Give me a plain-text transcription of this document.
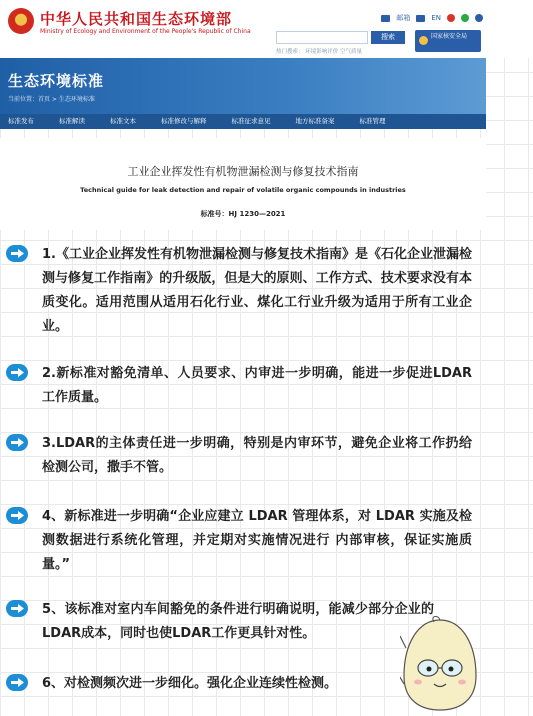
中华人民共和国生态环境部
Ministry of Ecology and Environment of the People's Republic of China
邮箱	EN
搜索
热门搜索： 环境影响评价 空气质量
国家核安全局
生态环境标准
当前位置：首页 > 生态环境标准
标准发布	标准解读	标准文本	标准修改与解释	标准征求意见	地方标准备案	标准管理
工业企业挥发性有机物泄漏检测与修复技术指南
Technical guide for leak detection and repair of volatile organic compounds in industries
标准号：HJ 1230—2021
1.《工业企业挥发性有机物泄漏检测与修复技术指南》是《石化企业泄漏检测与修复工作指南》的升级版，但是大的原则、工作方式、技术要求没有本质变化。适用范围从适用石化行业、煤化工行业升级为适用于所有工业企业。
2.新标准对豁免清单、人员要求、内审进一步明确，能进一步促进LDAR工作质量。
3.LDAR的主体责任进一步明确，特别是内审环节，避免企业将工作扔给检测公司，撒手不管。
4、新标准进一步明确“企业应建立 LDAR 管理体系，对 LDAR 实施及检测数据进行系统化管理，并定期对实施情况进行 内部审核，保证实施质量。”
5、该标准对室内车间豁免的条件进行明确说明，能减少部分企业的LDAR成本，同时也使LDAR工作更具针对性。
6、对检测频次进一步细化。强化企业连续性检测。
